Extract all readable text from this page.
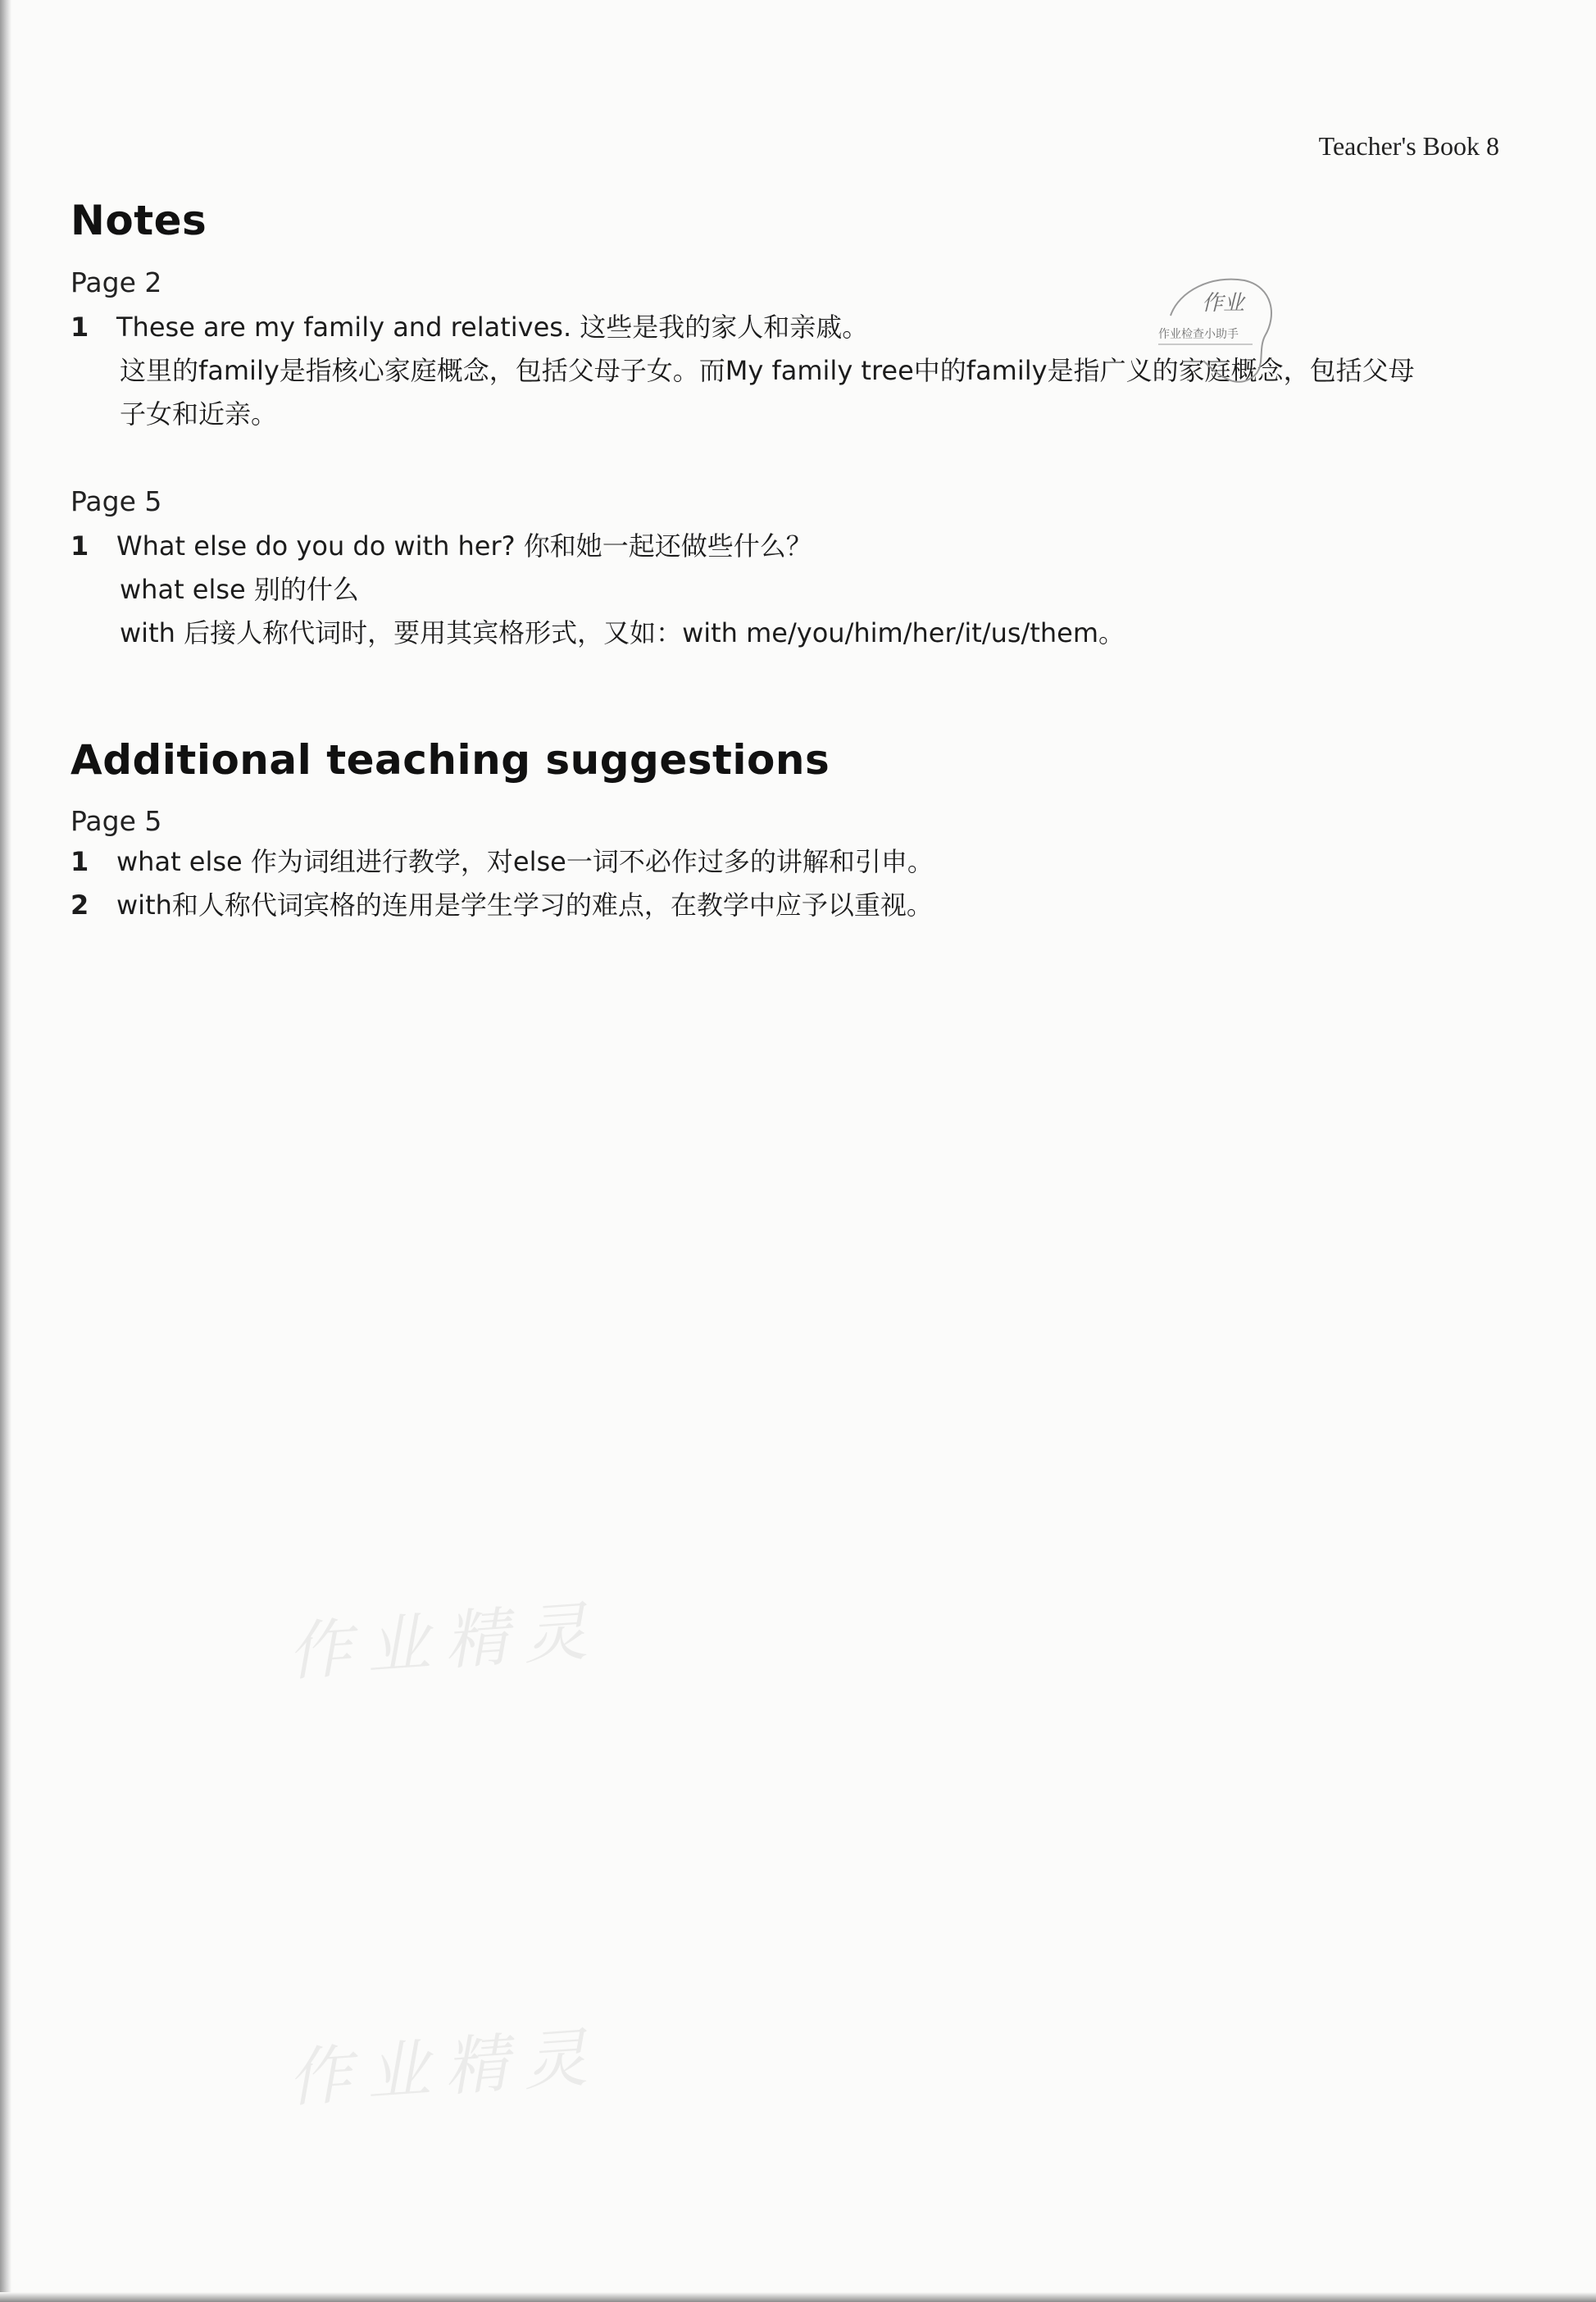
Teacher's Book 8
Notes
Page 2
1	These are my family and relatives. 这些是我的家人和亲戚。
这里的family是指核心家庭概念，包括父母子女。而My family tree中的family是指广义的家庭概念，包括父母
子女和近亲。
Page 5
1	What else do you do with her? 你和她一起还做些什么？
what else 别的什么
with 后接人称代词时，要用其宾格形式，又如：with me/you/him/her/it/us/them。
Additional teaching suggestions
Page 5
1	what else 作为词组进行教学，对else一词不必作过多的讲解和引申。
2	with和人称代词宾格的连用是学生学习的难点，在教学中应予以重视。
作业
作业检查小助手
作业精灵
作业精灵
